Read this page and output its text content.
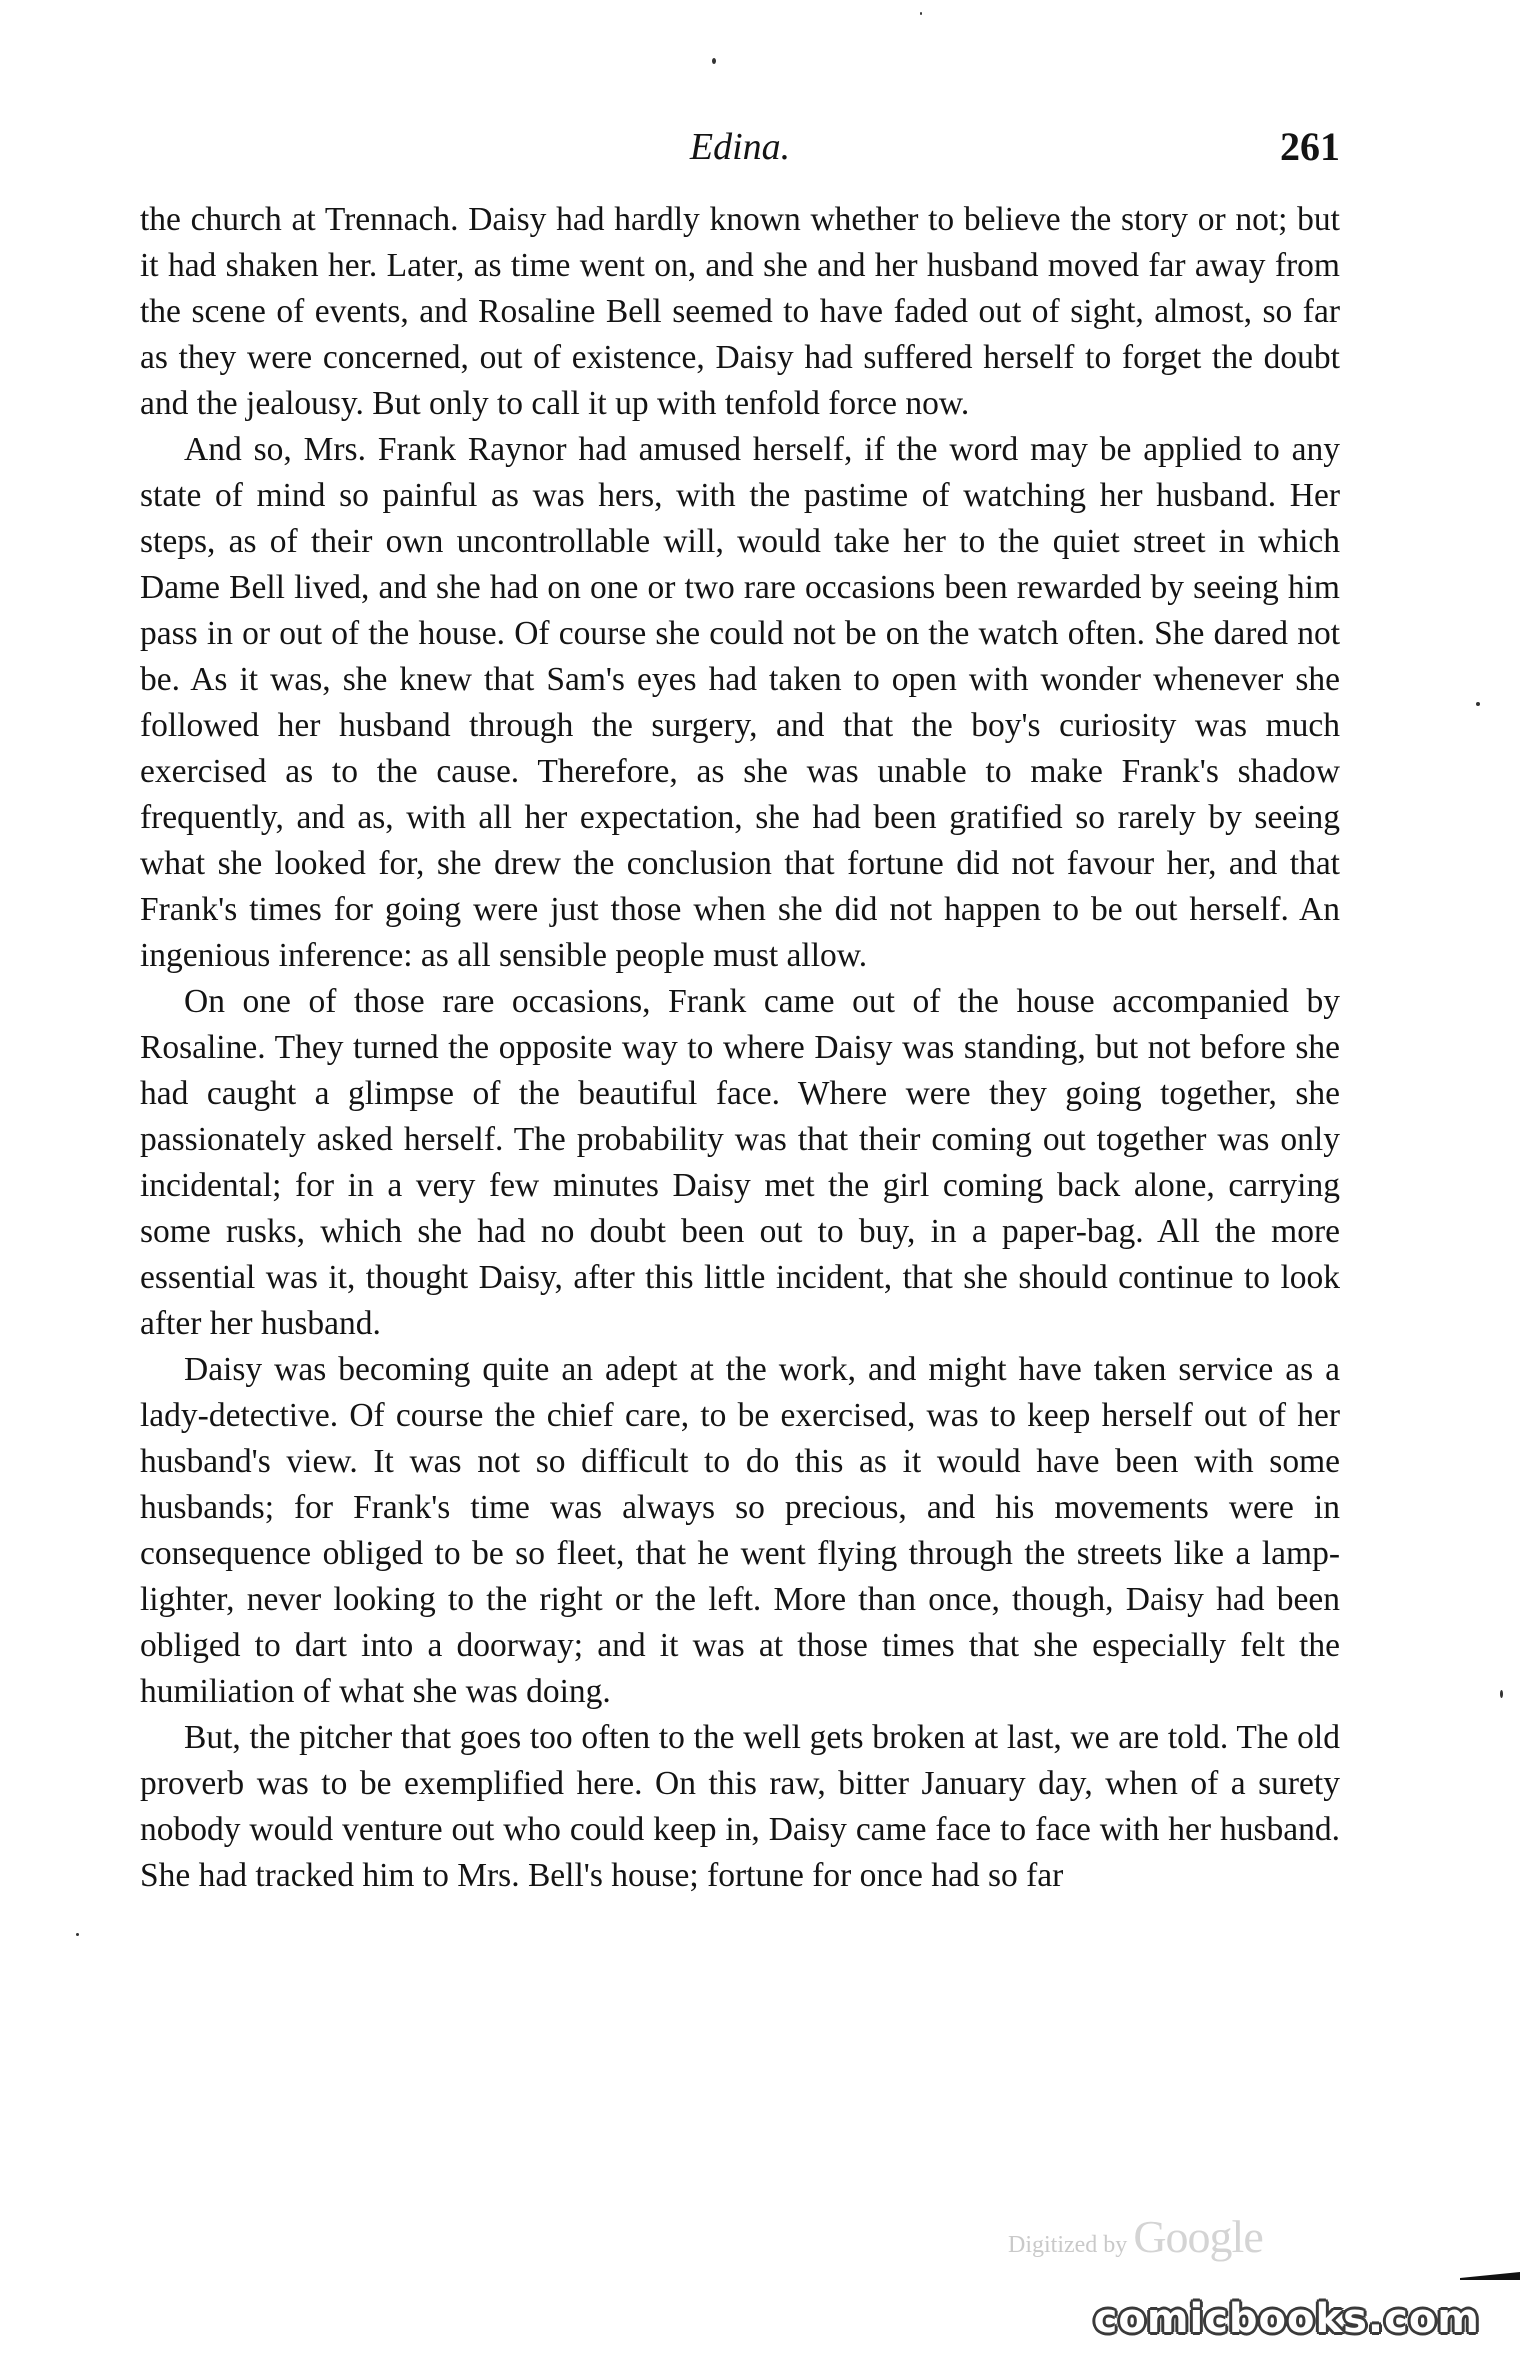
Edina.	261

the church at Trennach. Daisy had hardly known whether to believe the story or not; but it had shaken her. Later, as time went on, and she and her husband moved far away from the scene of events, and Rosaline Bell seemed to have faded out of sight, almost, so far as they were concerned, out of existence, Daisy had suffered herself to forget the doubt and the jealousy. But only to call it up with tenfold force now.

And so, Mrs. Frank Raynor had amused herself, if the word may be applied to any state of mind so painful as was hers, with the pastime of watching her husband. Her steps, as of their own uncontrollable will, would take her to the quiet street in which Dame Bell lived, and she had on one or two rare occasions been rewarded by seeing him pass in or out of the house. Of course she could not be on the watch often. She dared not be. As it was, she knew that Sam's eyes had taken to open with wonder whenever she followed her husband through the surgery, and that the boy's curiosity was much exercised as to the cause. Therefore, as she was unable to make Frank's shadow frequently, and as, with all her expectation, she had been gratified so rarely by seeing what she looked for, she drew the conclusion that fortune did not favour her, and that Frank's times for going were just those when she did not happen to be out herself. An ingenious inference: as all sensible people must allow.

On one of those rare occasions, Frank came out of the house accompanied by Rosaline. They turned the opposite way to where Daisy was standing, but not before she had caught a glimpse of the beautiful face. Where were they going together, she passionately asked herself. The probability was that their coming out together was only incidental; for in a very few minutes Daisy met the girl coming back alone, carrying some rusks, which she had no doubt been out to buy, in a paper-bag. All the more essential was it, thought Daisy, after this little incident, that she should continue to look after her husband.

Daisy was becoming quite an adept at the work, and might have taken service as a lady-detective. Of course the chief care, to be exercised, was to keep herself out of her husband's view. It was not so difficult to do this as it would have been with some husbands; for Frank's time was always so precious, and his movements were in consequence obliged to be so fleet, that he went flying through the streets like a lamp-lighter, never looking to the right or the left. More than once, though, Daisy had been obliged to dart into a doorway; and it was at those times that she especially felt the humiliation of what she was doing.

But, the pitcher that goes too often to the well gets broken at last, we are told. The old proverb was to be exemplified here. On this raw, bitter January day, when of a surety nobody would venture out who could keep in, Daisy came face to face with her husband. She had tracked him to Mrs. Bell's house; fortune for once had so far

Digitized by Google
comicbooks.com
